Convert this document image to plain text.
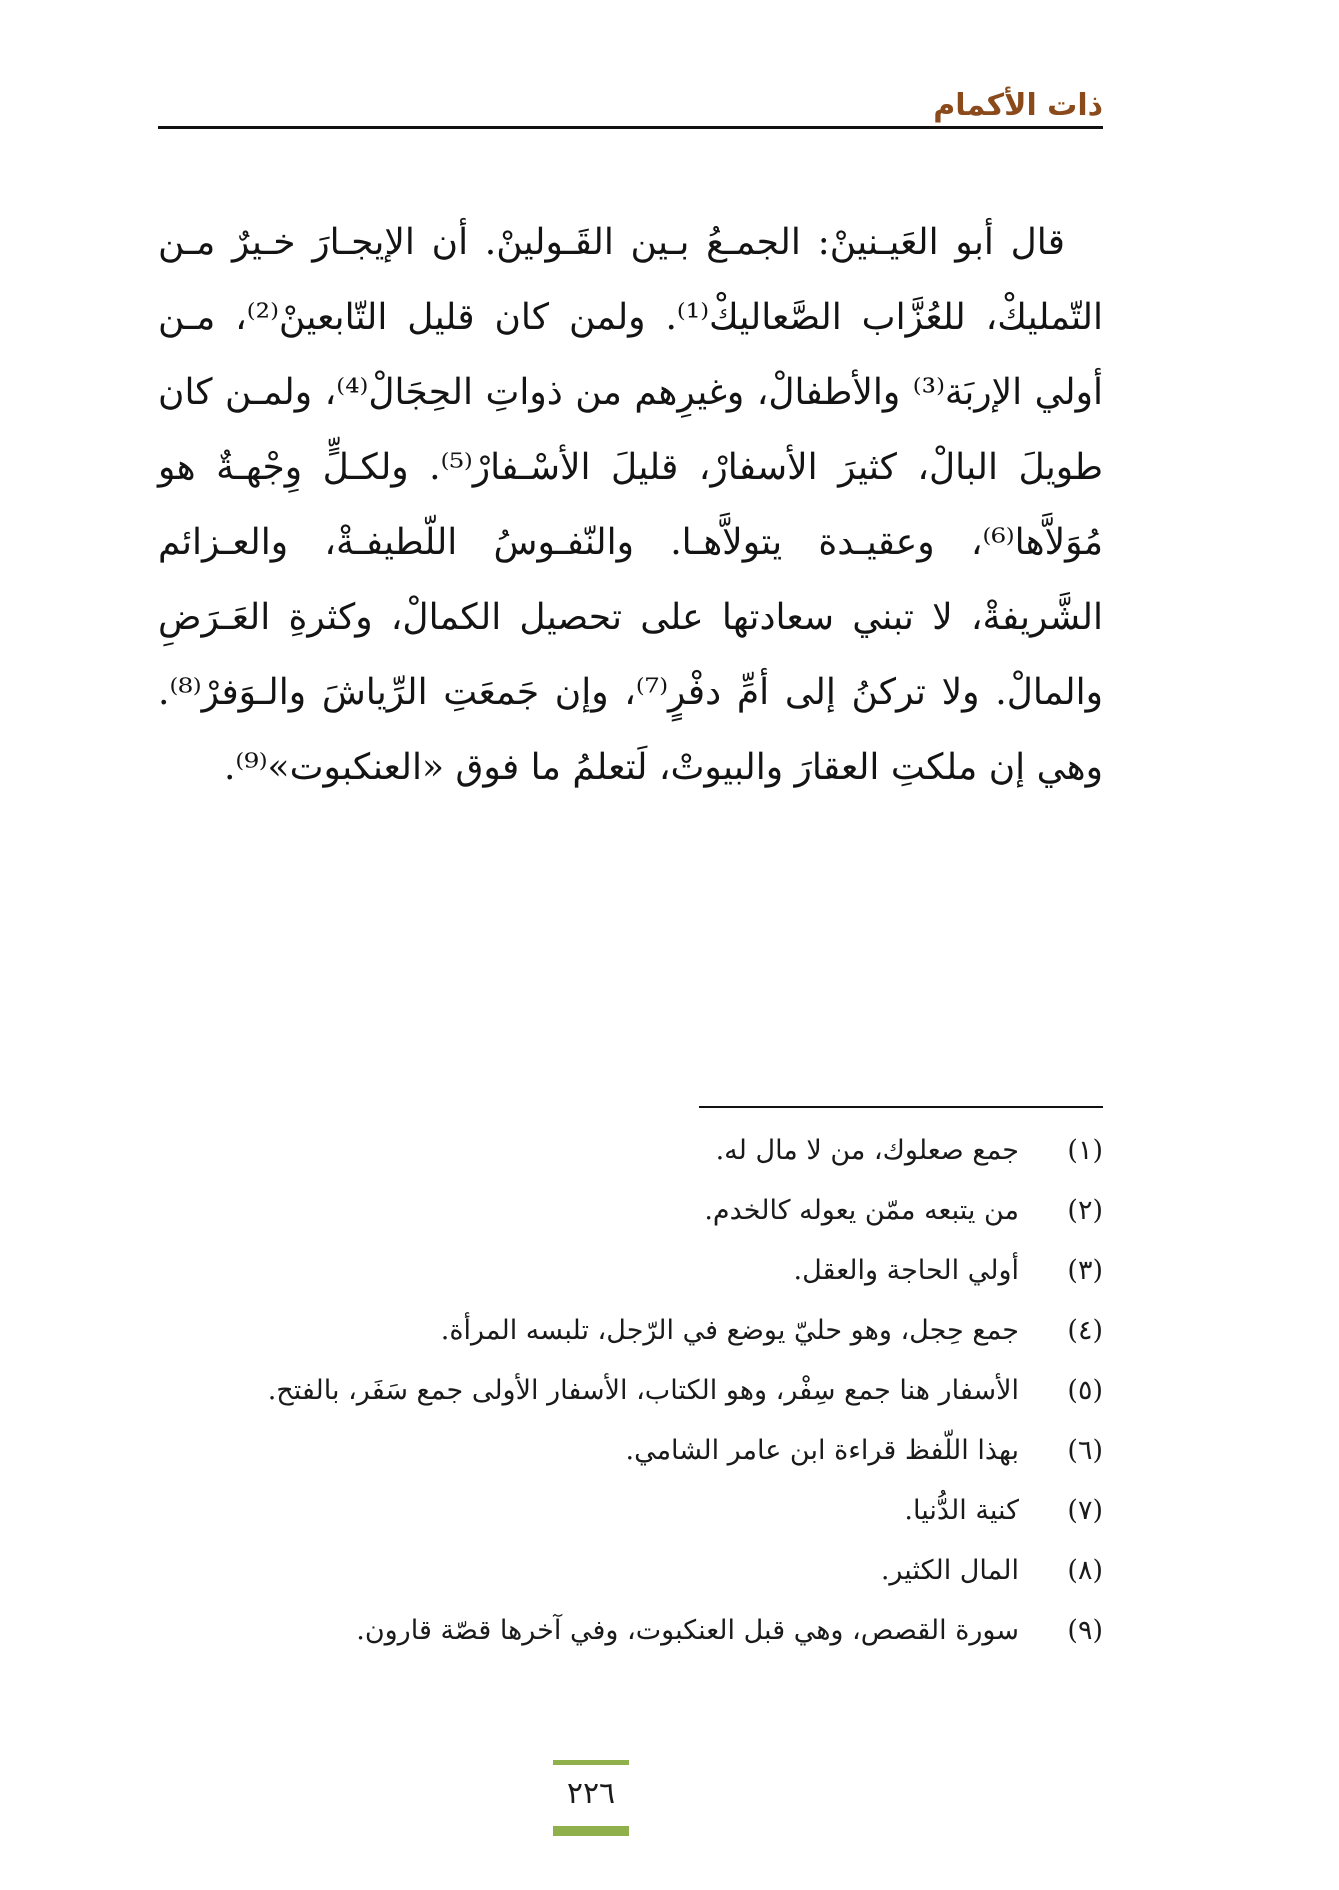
ذات الأكمام

قال أبو العَيـنينْ: الجمـعُ بـين القَـولينْ. أن الإيجـارَ خـيرٌ مـن التّمليكْ، للعُزَّاب الصَّعاليكْ⁽¹⁾. ولمن كان قليل التّابعينْ⁽²⁾، مـن أولي الإربَة⁽³⁾ والأطفالْ، وغيرِهم من ذواتِ الحِجَالْ⁽⁴⁾، ولمـن كان طويلَ البالْ، كثيرَ الأسفارْ، قليلَ الأسْـفارْ⁽⁵⁾. ولكـلٍّ وِجْهـةٌ هو مُوَلاَّها⁽⁶⁾، وعقيـدة يتولاَّهـا. والنّفـوسُ اللّطيفـةْ، والعـزائم الشَّريفةْ، لا تبني سعادتها على تحصيل الكمالْ، وكثرةِ العَـرَضِ والمالْ. ولا تركنُ إلى أمِّ دفْرٍ⁽⁷⁾، وإن جَمعَتِ الرِّياشَ والـوَفرْ⁽⁸⁾. وهي إن ملكتِ العقارَ والبيوتْ، لَتعلمُ ما فوق «العنكبوت»⁽⁹⁾.

(١)
جمع صعلوك، من لا مال له.
(٢)
من يتبعه ممّن يعوله كالخدم.
(٣)
أولي الحاجة والعقل.
(٤)
جمع حِجل، وهو حليّ يوضع في الرّجل، تلبسه المرأة.
(٥)
الأسفار هنا جمع سِفْر، وهو الكتاب، الأسفار الأولى جمع سَفَر، بالفتح.
(٦)
بهذا اللّفظ قراءة ابن عامر الشامي.
(٧)
كنية الدُّنيا.
(٨)
المال الكثير.
(٩)
سورة القصص، وهي قبل العنكبوت، وفي آخرها قصّة قارون.
٢٢٦
